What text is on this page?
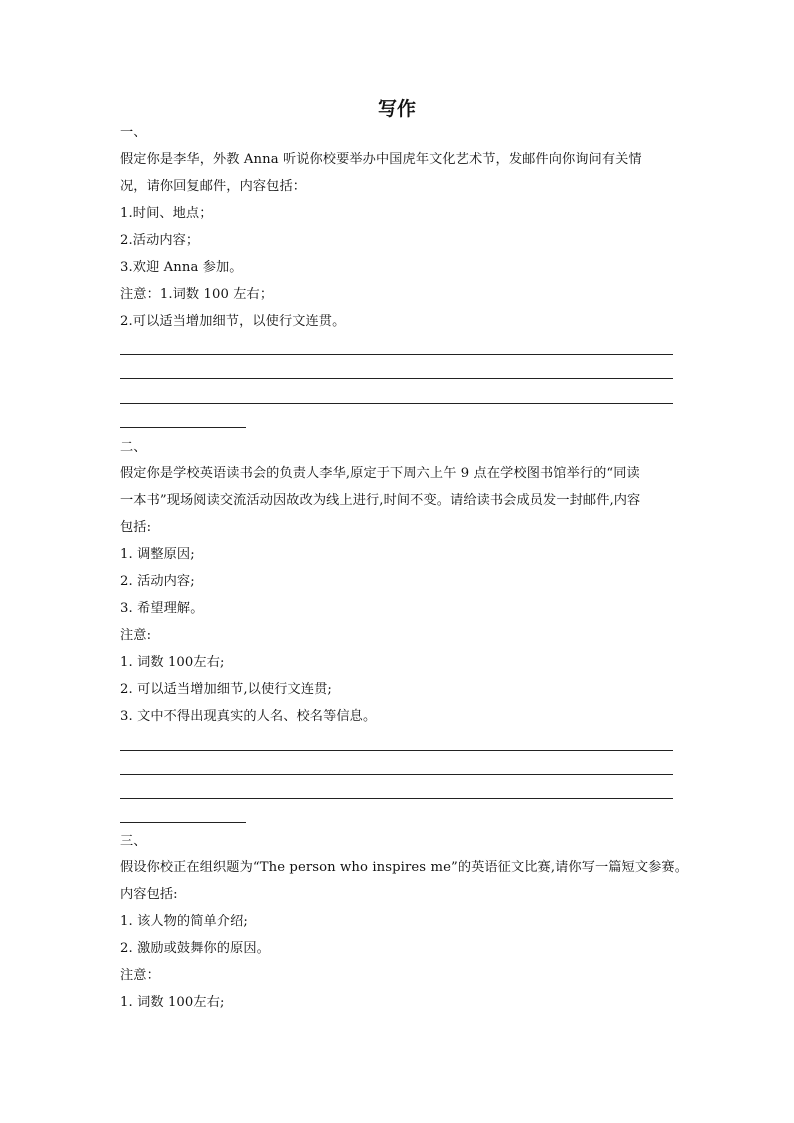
写作
一、
假定你是李华，外教 Anna 听说你校要举办中国虎年文化艺术节，发邮件向你询问有关情
况，请你回复邮件，内容包括：
1.时间、地点；
2.活动内容；
3.欢迎 Anna 参加。
注意：1.词数 100 左右；
2.可以适当增加细节，以使行文连贯。
二、
假定你是学校英语读书会的负责人李华,原定于下周六上午 9 点在学校图书馆举行的“同读
一本书”现场阅读交流活动因故改为线上进行,时间不变。请给读书会成员发一封邮件,内容
包括:
1. 调整原因;
2. 活动内容;
3. 希望理解。
注意:
1. 词数 100左右;
2. 可以适当增加细节,以使行文连贯;
3. 文中不得出现真实的人名、校名等信息。
三、
假设你校正在组织题为“The person who inspires me”的英语征文比赛,请你写一篇短文参赛。
内容包括:
1. 该人物的简单介绍;
2. 激励或鼓舞你的原因。
注意：
1. 词数 100左右;
